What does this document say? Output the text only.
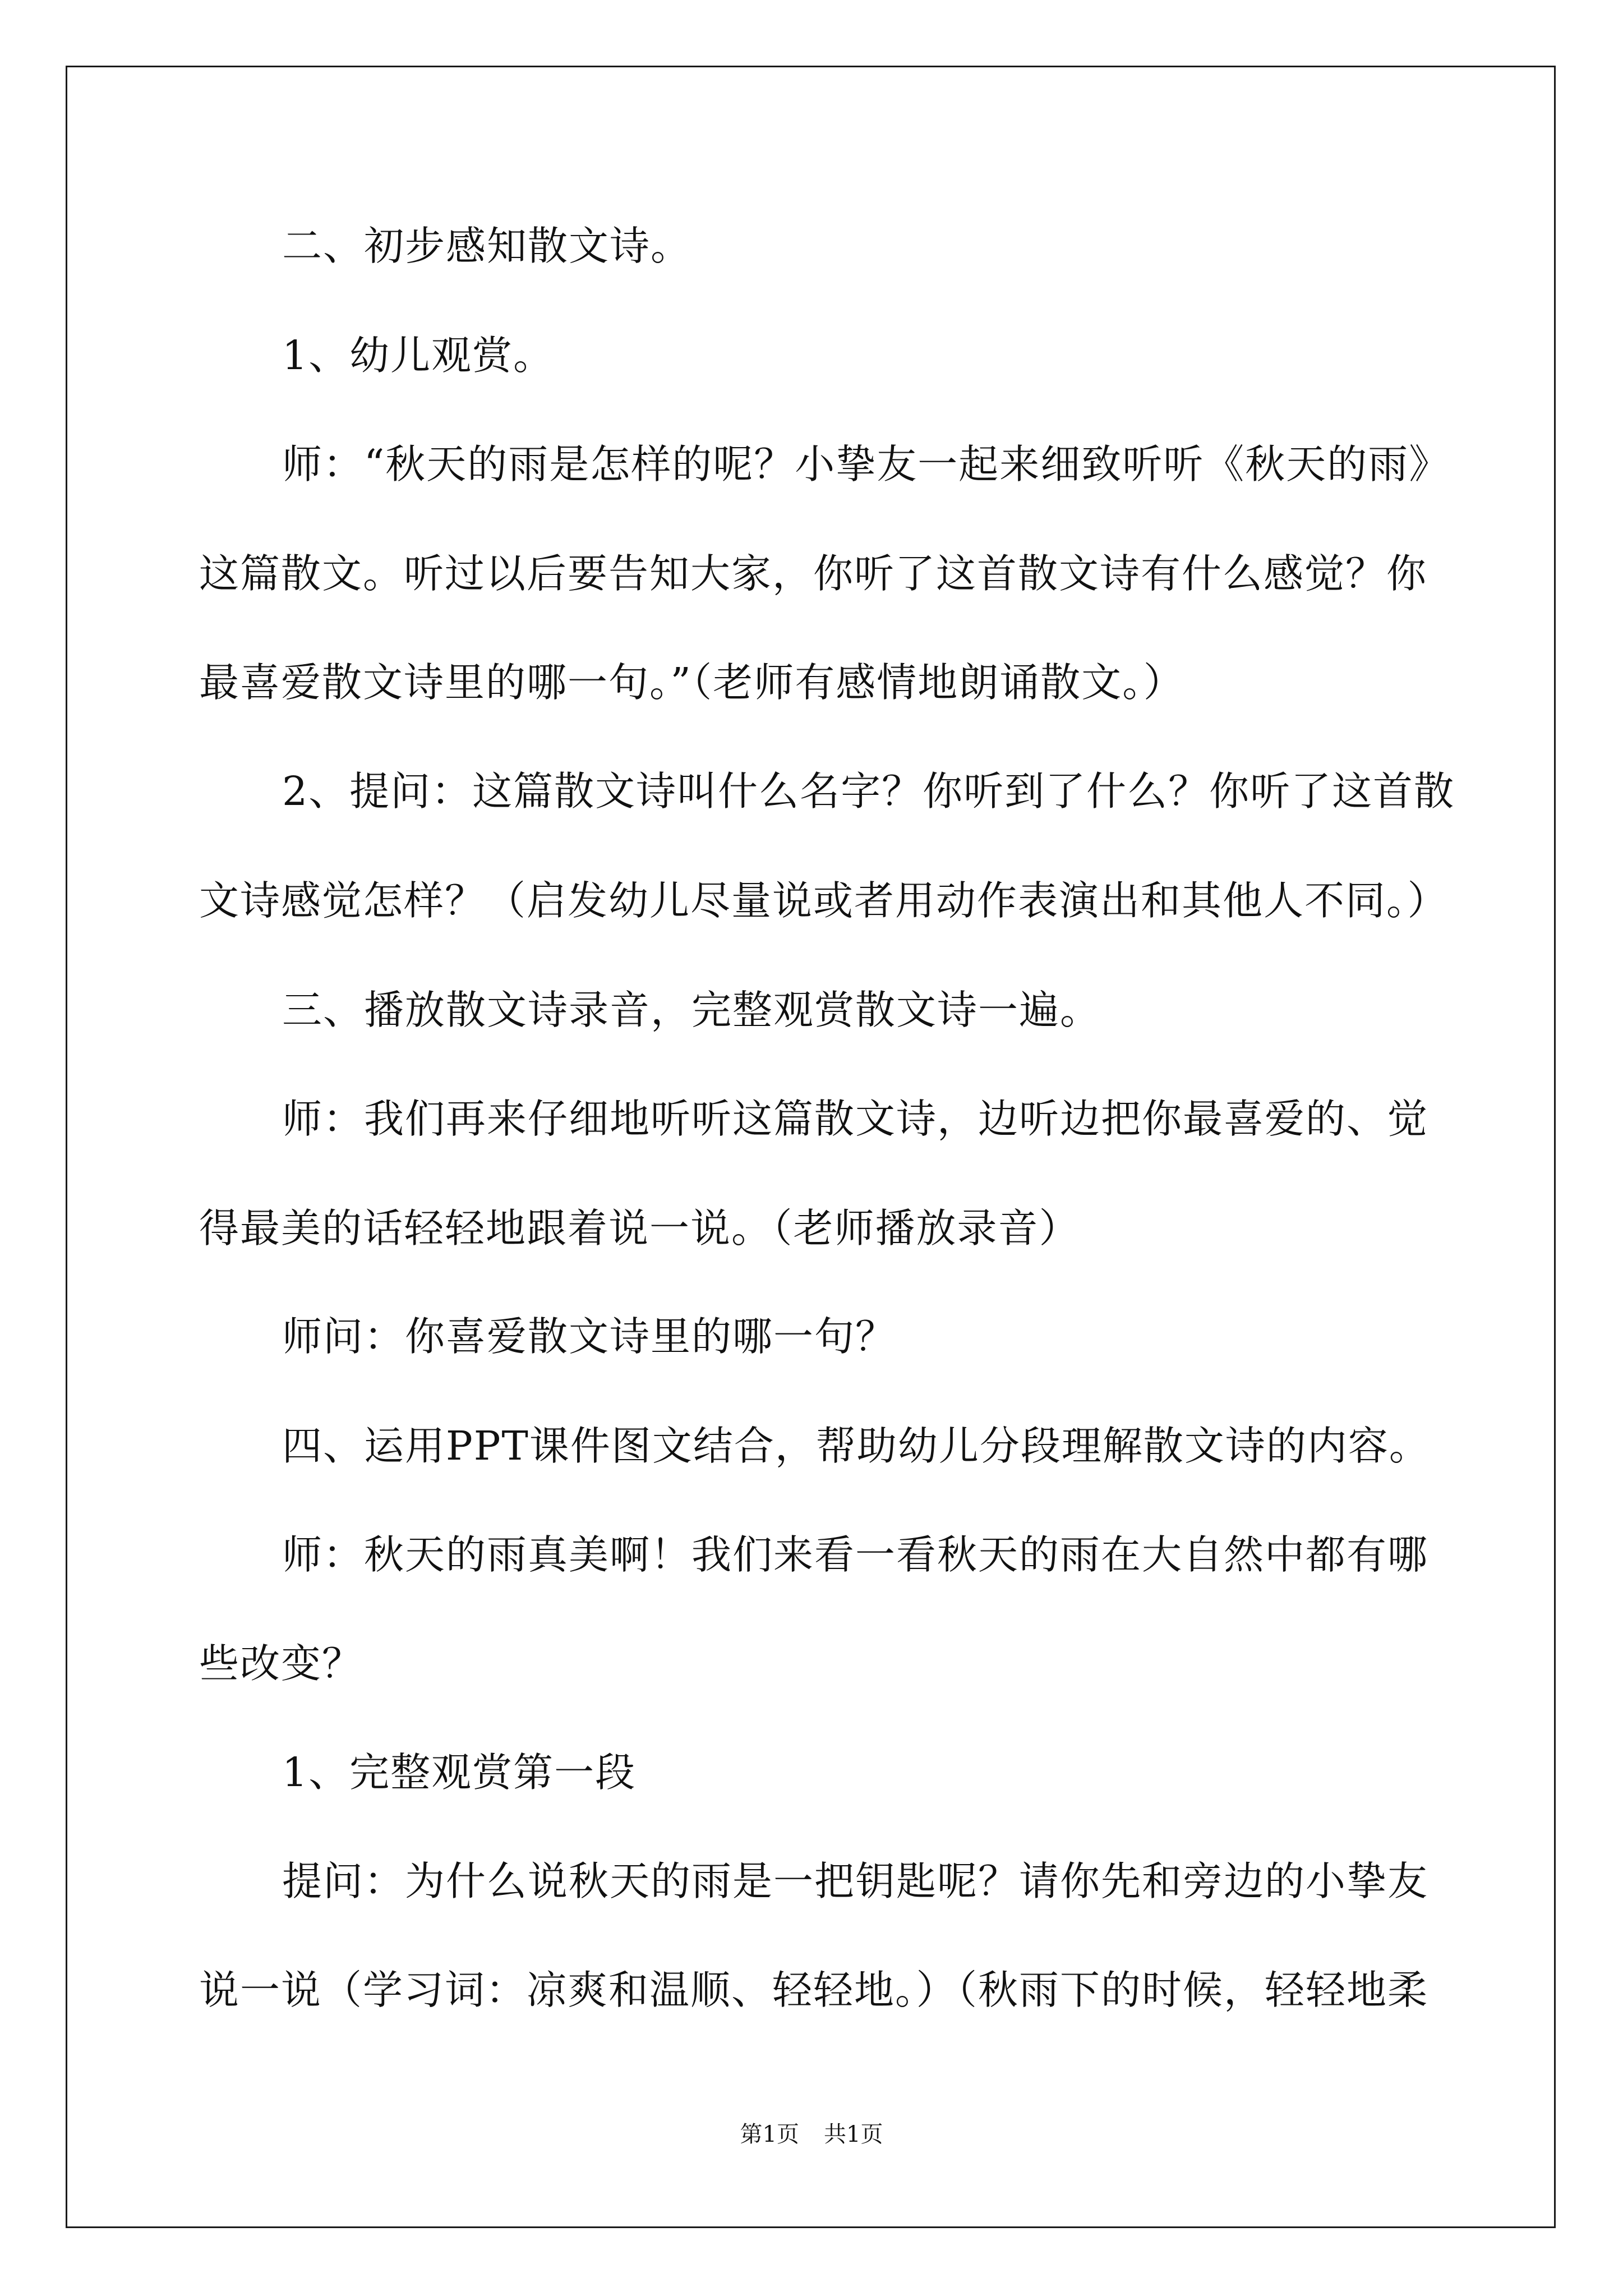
二、初步感知散文诗。
1、幼儿观赏。
师：“秋天的雨是怎样的呢？小挚友一起来细致听听《秋天的雨》
这篇散文。听过以后要告知大家，你听了这首散文诗有什么感觉？你
最喜爱散文诗里的哪一句。”（老师有感情地朗诵散文。）
2、提问：这篇散文诗叫什么名字？你听到了什么？你听了这首散
文诗感觉怎样？（启发幼儿尽量说或者用动作表演出和其他人不同。）
三、播放散文诗录音，完整观赏散文诗一遍。
师：我们再来仔细地听听这篇散文诗，边听边把你最喜爱的、觉
得最美的话轻轻地跟着说一说。（老师播放录音）
师问：你喜爱散文诗里的哪一句？
四、运用PPT课件图文结合，帮助幼儿分段理解散文诗的内容。
师：秋天的雨真美啊！我们来看一看秋天的雨在大自然中都有哪
些改变？
1、完整观赏第一段
提问：为什么说秋天的雨是一把钥匙呢？请你先和旁边的小挚友
说一说（学习词：凉爽和温顺、轻轻地。）（秋雨下的时候，轻轻地柔
第1页 共1页
